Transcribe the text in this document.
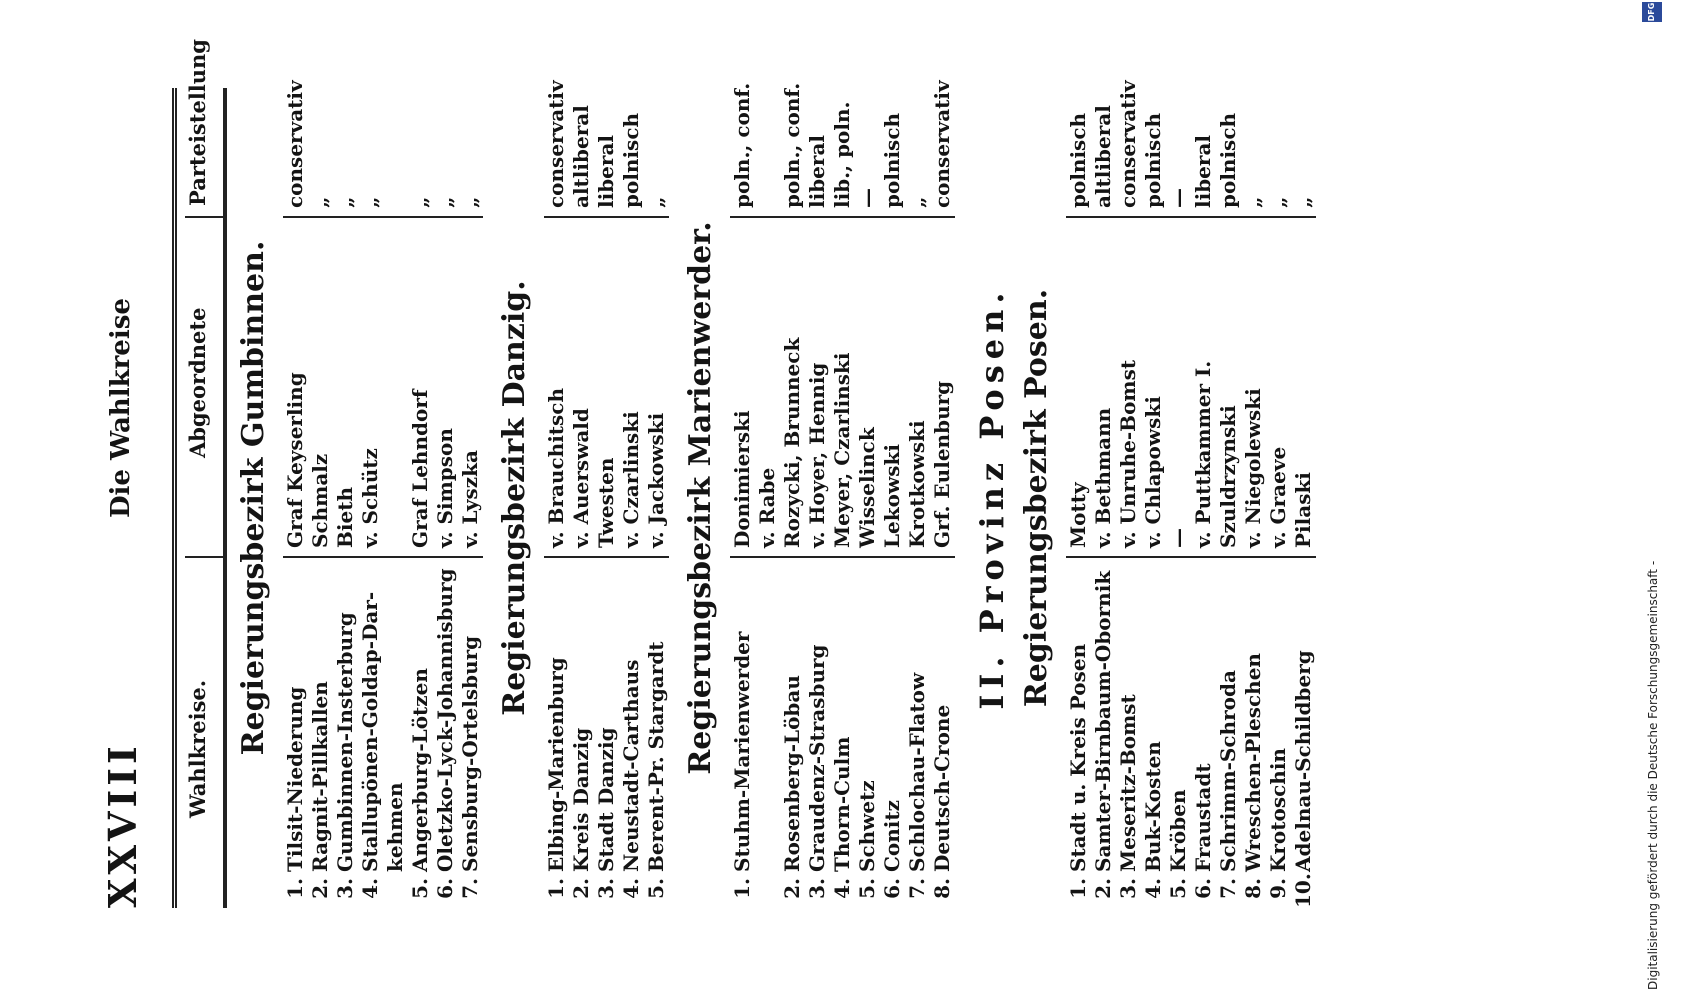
XXVIII
Die Wahlkreise
Wahlkreise.
Abgeordnete
Parteistellung
Regierungsbezirk Gumbinnen.
1.
Tilsit-Niederung
Graf Keyserling
conservativ
2.
Ragnit-Pillkallen
Schmalz
„
3.
Gumbinnen-Insterburg
Bieth
„
4.
Stallupönen-Goldap-Dar-
v. Schütz
„
kehmen
5.
Angerburg-Lötzen
Graf Lehndorf
„
6.
Oletzko-Lyck-Johannisburg
v. Simpson
„
7.
Sensburg-Ortelsburg
v. Lyszka
„
Regierungsbezirk Danzig.
1.
Elbing-Marienburg
v. Brauchitsch
conservativ
2.
Kreis Danzig
v. Auerswald
altliberal
3.
Stadt Danzig
Twesten
liberal
4.
Neustadt-Carthaus
v. Czarlinski
polnisch
5.
Berent-Pr. Stargardt
v. Jackowski
„
Regierungsbezirk Marienwerder.
1.
Stuhm-Marienwerder
Donimierski
poln., conf.
v. Rabe
2.
Rosenberg-Löbau
Rozycki, Brunneck
poln., conf.
3.
Graudenz-Strasburg
v. Hoyer, Hennig
liberal
4.
Thorn-Culm
Meyer, Czarlinski
lib., poln.
5.
Schwetz
Wisselinck
—
6.
Conitz
Lekowski
polnisch
7.
Schlochau-Flatow
Krotkowski
„
8.
Deutsch-Crone
Grf. Eulenburg
conservativ
II. Provinz Posen. Regierungsbezirk Posen.
1.
Stadt u. Kreis Posen
Motty
polnisch
2.
Samter-Birnbaum-Obornik
v. Bethmann
altliberal
3.
Meseritz-Bomst
v. Unruhe-Bomst
conservativ
4.
Buk-Kosten
v. Chlapowski
polnisch
5.
Kröben
—
—
6.
Fraustadt
v. Puttkammer I.
liberal
7.
Schrimm-Schroda
Szuldrzynski
polnisch
8.
Wreschen-Pleschen
v. Niegolewski
„
9.
Krotoschin
v. Graeve
„
10.
Adelnau-Schildberg
Pilaski
„
Digitalisierung gefördert durch die Deutsche Forschungsgemeinschaft -
DFG
